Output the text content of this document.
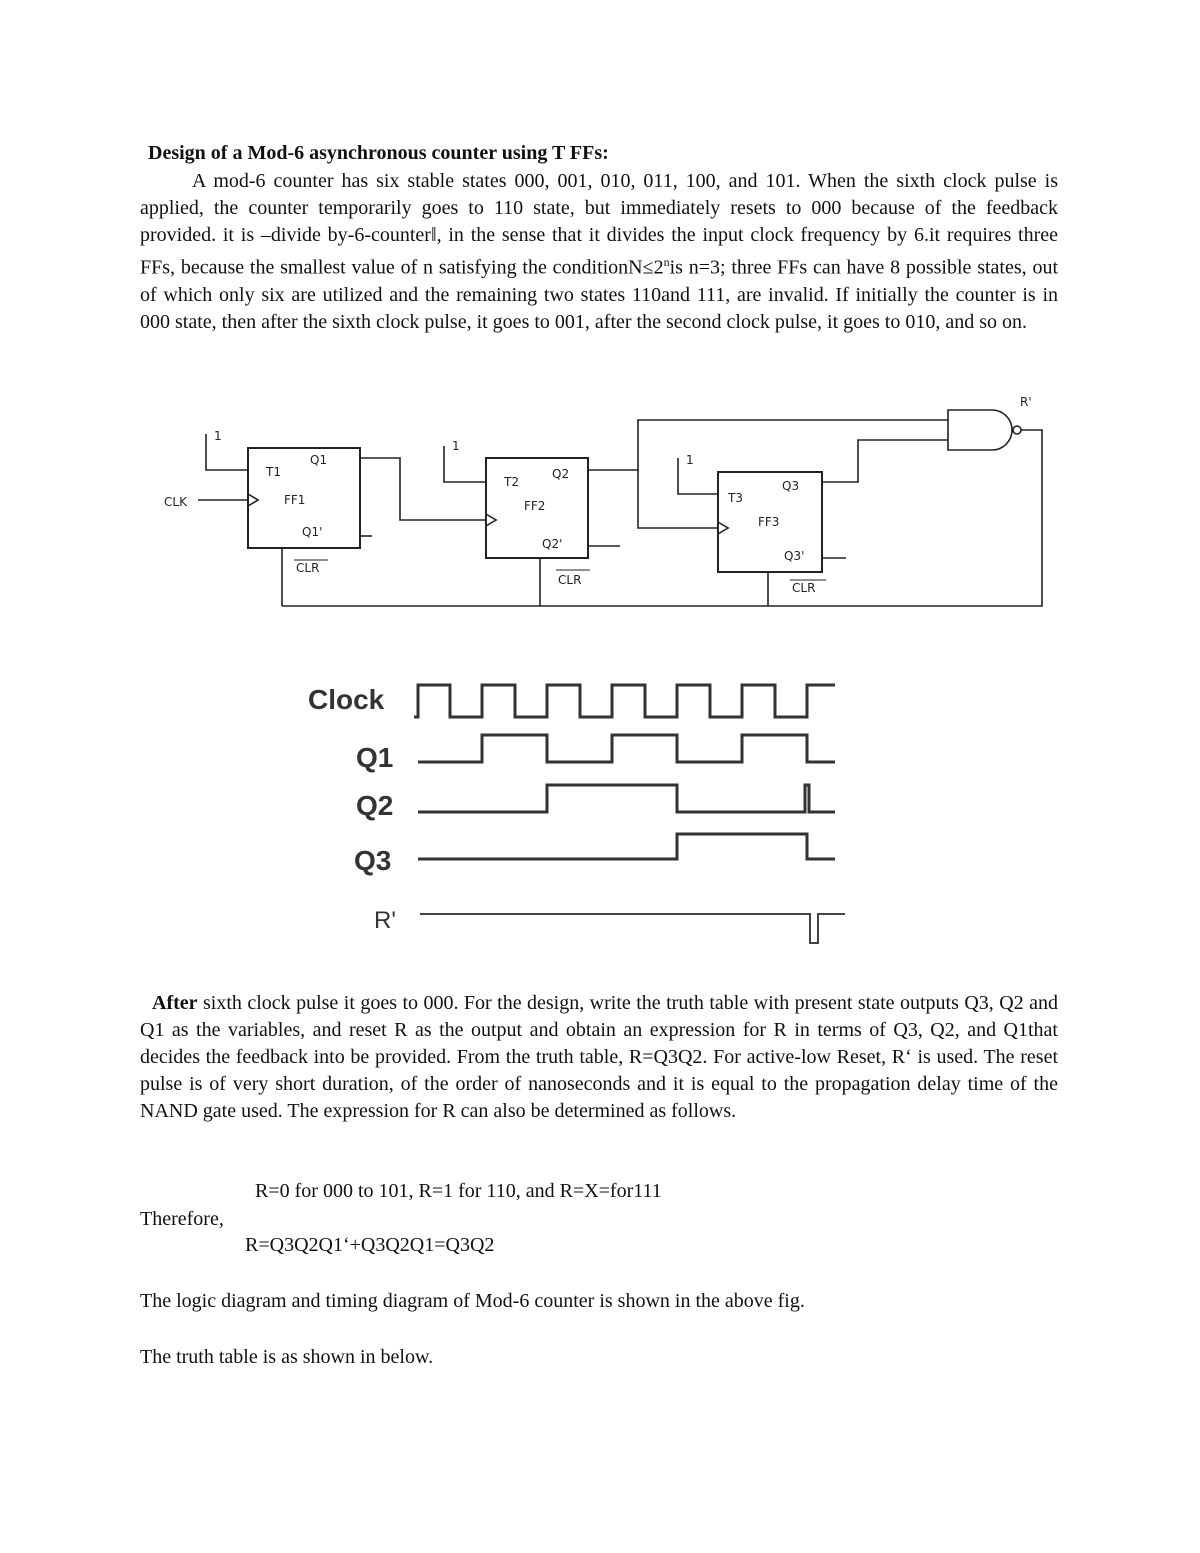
Design of a Mod-6 asynchronous counter using T FFs:
A mod-6 counter has six stable states 000, 001, 010, 011, 100, and 101. When the sixth clock pulse is applied, the counter temporarily goes to 110 state, but immediately resets to 000 because of the feedback provided. it is –divide by-6-counter‖, in the sense that it divides the input clock frequency by 6.it requires three FFs, because the smallest value of n satisfying the $conditionN\le 2^nis$ n=3; three FFs can have 8 possible states, out of which only six are utilized and the remaining two states 110and 111, are invalid. If initially the counter is in 000 state, then after the sixth clock pulse, it goes to 001, after the second clock pulse, it goes to 010, and so on.
CLK
1
1
1
T1
Q1
FF1
Q1'
CLR
T2
Q2
FF2
Q2'
CLR
T3
Q3
FF3
Q3'
CLR
R'
Clock
Q1
Q2
Q3
R'
After sixth clock pulse it goes to 000. For the design, write the truth table with present state outputs Q3, Q2 and Q1 as the variables, and reset R as the output and obtain an expression for R in terms of Q3, Q2, and Q1that decides the feedback into be provided. From the truth table, R=Q3Q2. For active-low Reset, R‘ is used. The reset pulse is of very short duration, of the order of nanoseconds and it is equal to the propagation delay time of the NAND gate used. The expression for R can also be determined as follows.
R=0 for 000 to 101, R=1 for 110, and R=X=for111
Therefore,
R=Q3Q2Q1‘+Q3Q2Q1=Q3Q2
The logic diagram and timing diagram of Mod-6 counter is shown in the above fig.
The truth table is as shown in below.
